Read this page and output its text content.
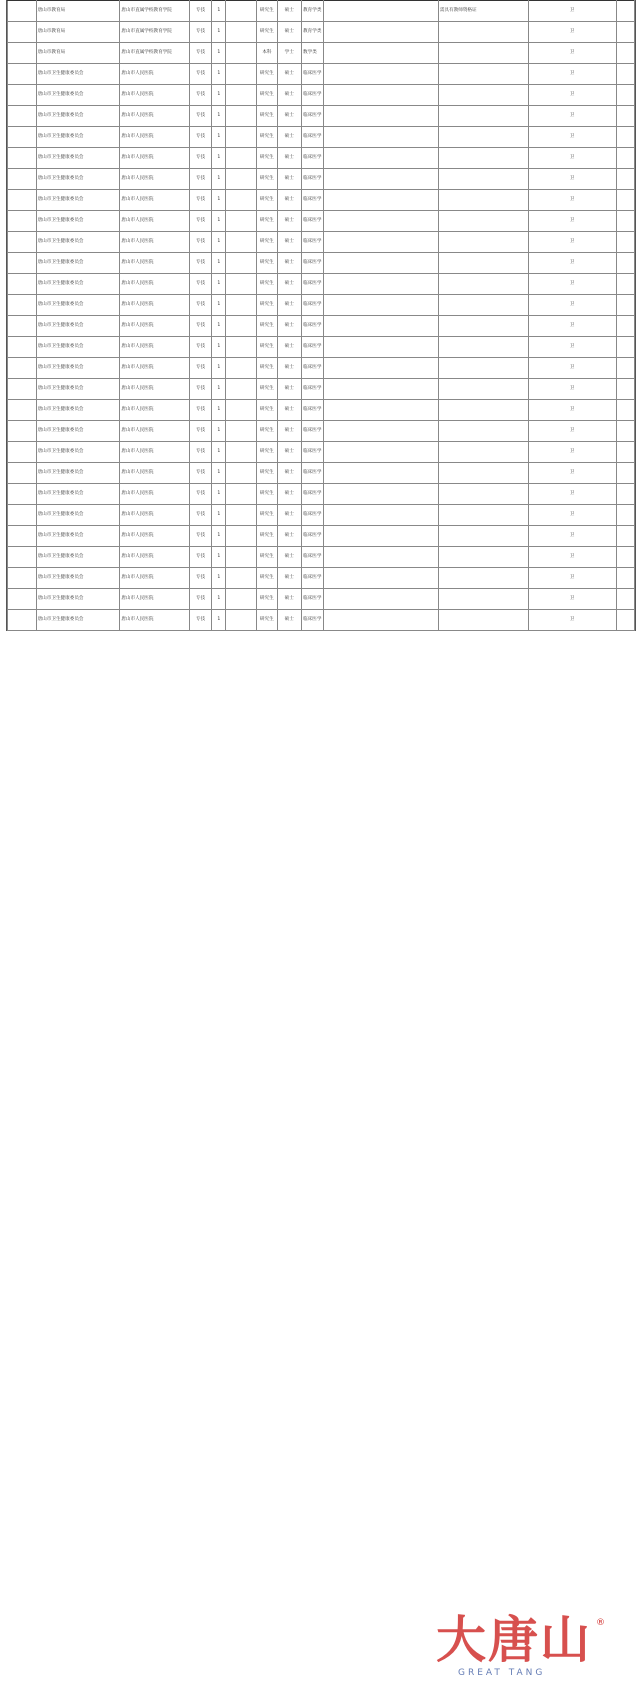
	唐山市教育局	唐山市直属学校教育学院	专技	1		研究生	硕士	教育学类		需具有教师资格证	卫	
	唐山市教育局	唐山市直属学校教育学院	专技	1		研究生	硕士	教育学类			卫	
	唐山市教育局	唐山市直属学校教育学院	专技	1		本科	学士	数学类			卫	
	唐山市卫生健康委员会	唐山市人民医院	专技	1		研究生	硕士	临床医学			卫	
	唐山市卫生健康委员会	唐山市人民医院	专技	1		研究生	硕士	临床医学			卫	
	唐山市卫生健康委员会	唐山市人民医院	专技	1		研究生	硕士	临床医学			卫	
	唐山市卫生健康委员会	唐山市人民医院	专技	1		研究生	硕士	临床医学			卫	
	唐山市卫生健康委员会	唐山市人民医院	专技	1		研究生	硕士	临床医学			卫	
	唐山市卫生健康委员会	唐山市人民医院	专技	1		研究生	硕士	临床医学			卫	
	唐山市卫生健康委员会	唐山市人民医院	专技	1		研究生	硕士	临床医学			卫	
	唐山市卫生健康委员会	唐山市人民医院	专技	1		研究生	硕士	临床医学			卫	
	唐山市卫生健康委员会	唐山市人民医院	专技	1		研究生	硕士	临床医学			卫	
	唐山市卫生健康委员会	唐山市人民医院	专技	1		研究生	硕士	临床医学			卫	
	唐山市卫生健康委员会	唐山市人民医院	专技	1		研究生	硕士	临床医学			卫	
	唐山市卫生健康委员会	唐山市人民医院	专技	1		研究生	硕士	临床医学			卫	
	唐山市卫生健康委员会	唐山市人民医院	专技	1		研究生	硕士	临床医学			卫	
	唐山市卫生健康委员会	唐山市人民医院	专技	1		研究生	硕士	临床医学			卫	
	唐山市卫生健康委员会	唐山市人民医院	专技	1		研究生	硕士	临床医学			卫	
	唐山市卫生健康委员会	唐山市人民医院	专技	1		研究生	硕士	临床医学			卫	
	唐山市卫生健康委员会	唐山市人民医院	专技	1		研究生	硕士	临床医学			卫	
	唐山市卫生健康委员会	唐山市人民医院	专技	1		研究生	硕士	临床医学			卫	
	唐山市卫生健康委员会	唐山市人民医院	专技	1		研究生	硕士	临床医学			卫	
	唐山市卫生健康委员会	唐山市人民医院	专技	1		研究生	硕士	临床医学			卫	
	唐山市卫生健康委员会	唐山市人民医院	专技	1		研究生	硕士	临床医学			卫	
	唐山市卫生健康委员会	唐山市人民医院	专技	1		研究生	硕士	临床医学			卫	
	唐山市卫生健康委员会	唐山市人民医院	专技	1		研究生	硕士	临床医学			卫	
	唐山市卫生健康委员会	唐山市人民医院	专技	1		研究生	硕士	临床医学			卫	
	唐山市卫生健康委员会	唐山市人民医院	专技	1		研究生	硕士	临床医学			卫	
	唐山市卫生健康委员会	唐山市人民医院	专技	1		研究生	硕士	临床医学			卫	
	唐山市卫生健康委员会	唐山市人民医院	专技	1		研究生	硕士	临床医学			卫	
大唐山
GREAT TANG
®
